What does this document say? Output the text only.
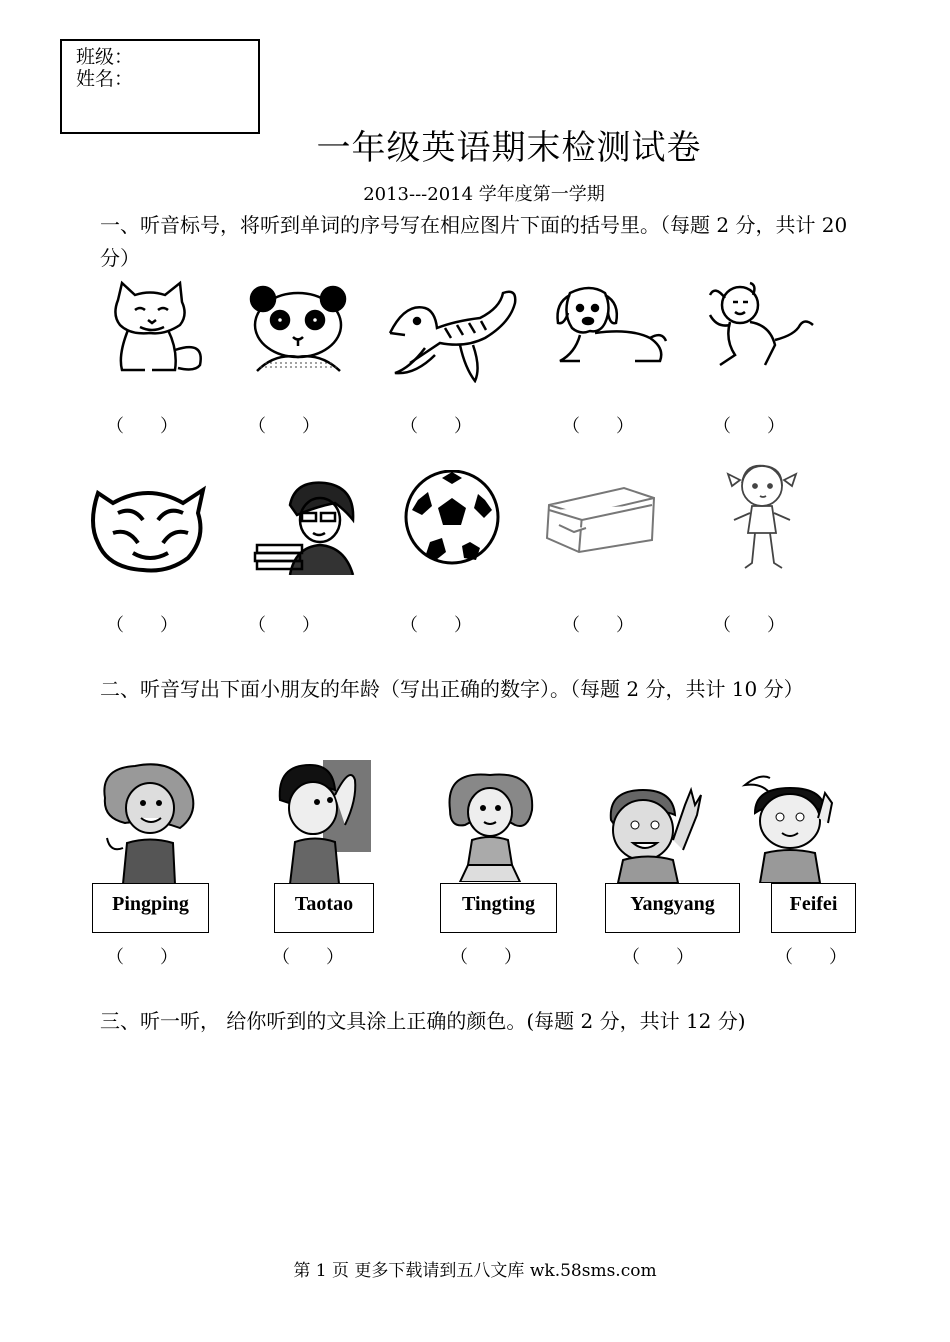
班级：
姓名：
一年级英语期末检测试卷
2013---2014 学年度第一学期
一、听音标号，将听到单词的序号写在相应图片下面的括号里。（每题 2 分，共计 20 分）
（　　）	（　　）	（　　）	（　　）	（　　）
（　　）	（　　）	（　　）	（　　）	（　　）
二、听音写出下面小朋友的年龄（写出正确的数字）。（每题 2 分，共计 10 分）
Pingping	Taotao	Tingting	Yangyang	Feifei
（　　）	（　　）	（　　）	（　　）	（　　）
三、听一听， 给你听到的文具涂上正确的颜色。(每题 2 分，共计 12 分)
第 1 页 更多下载请到五八文库 wk.58sms.com
